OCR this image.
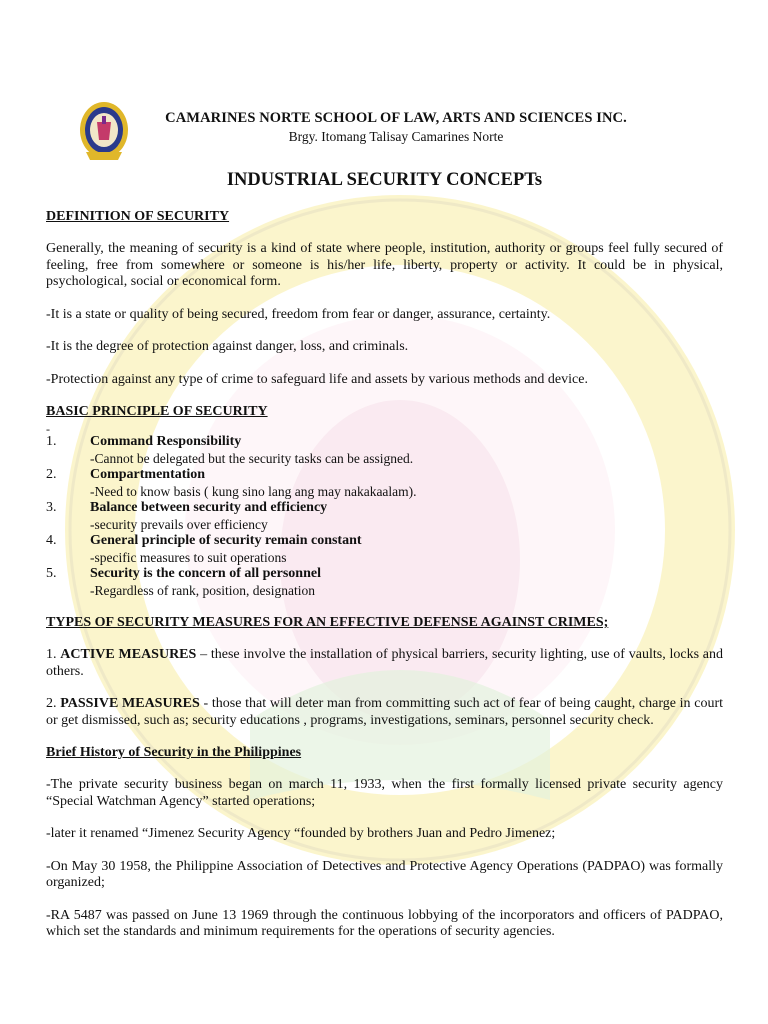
CAMARINES NORTE SCHOOL OF LAW, ARTS AND SCIENCES INC.
Brgy. Itomang Talisay Camarines Norte
INDUSTRIAL SECURITY CONCEPTs
DEFINITION OF SECURITY

Generally, the meaning of security is a kind of state where people, institution, authority or groups feel fully secured of feeling, free from somewhere or someone is his/her life, liberty, property or activity. It could be in physical, psychological, social or economical form.

-It is a state or quality of being secured, freedom from fear or danger, assurance, certainty.

-It is the degree of protection against danger, loss, and criminals.

-Protection against any type of crime to safeguard life and assets by various methods and device.

BASIC PRINCIPLE OF SECURITY
-
1.	Command Responsibility
-Cannot be delegated but the security tasks can be assigned.
2.	Compartmentation
-Need to know basis ( kung sino lang ang may nakakaalam).
3.	Balance between security and efficiency
-security prevails over efficiency
4.	General principle of security remain constant
-specific measures to suit operations
5.	Security is the concern of all personnel
-Regardless of rank, position, designation
TYPES OF SECURITY MEASURES FOR AN EFFECTIVE DEFENSE AGAINST CRIMES;

1. ACTIVE MEASURES – these involve the installation of physical barriers, security lighting, use of vaults, locks and others.

2. PASSIVE MEASURES - those that will deter man from committing such act of fear of being caught, charge in court or get dismissed, such as; security educations , programs, investigations, seminars, personnel security check.

Brief History of Security in the Philippines

-The private security business began on march 11, 1933, when the first formally licensed private security agency “Special Watchman Agency” started operations;

-later it renamed “Jimenez Security Agency “founded by brothers Juan and Pedro Jimenez;

-On May 30 1958, the Philippine Association of Detectives and Protective Agency Operations (PADPAO) was formally organized;

-RA 5487 was passed on June 13 1969 through the continuous lobbying of the incorporators and officers of PADPAO, which set the standards and minimum requirements for the operations of security agencies.
